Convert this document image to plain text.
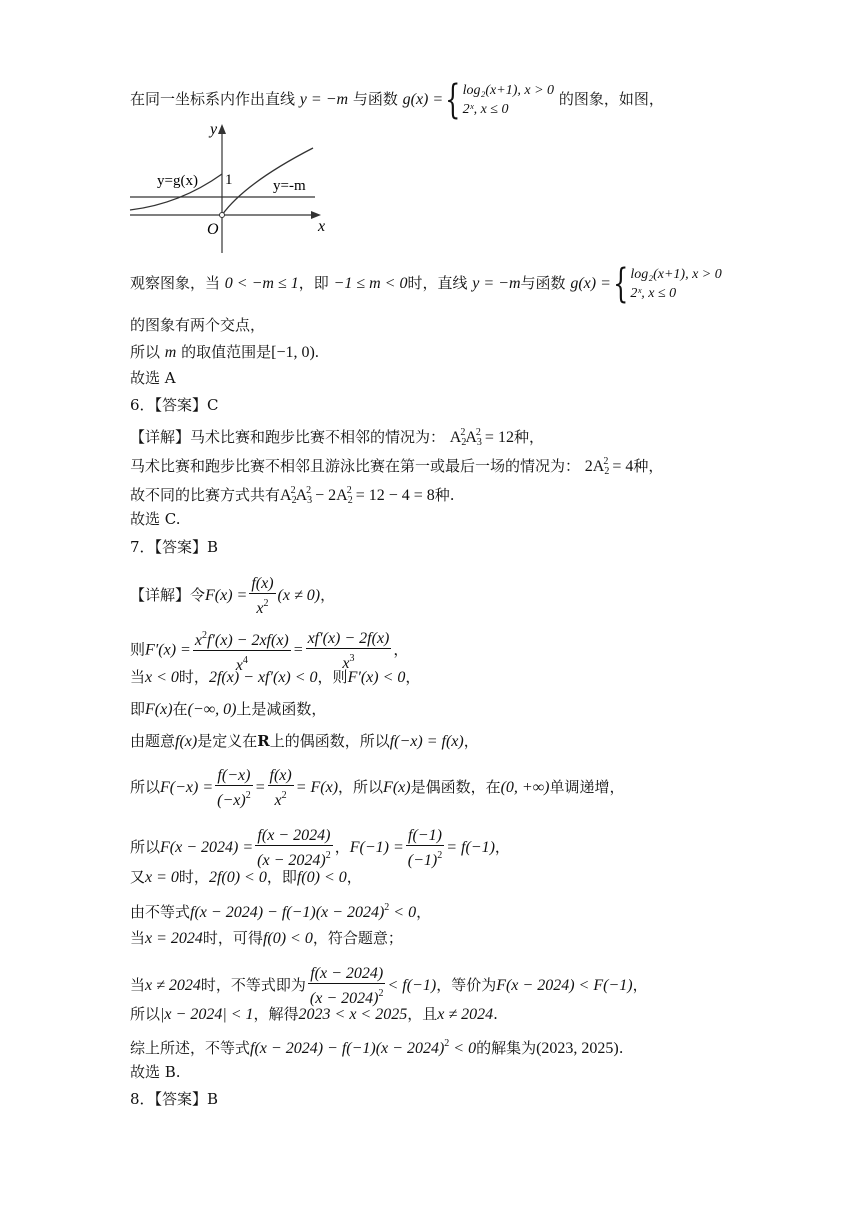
在同一坐标系内作出直线 y = −m 与函数 g(x) ={ log₂(x+1), x > 0
2ˣ, x ≤ 0
的图象，如图，
y
x
O
1
y=g(x)	y=-m
观察图象，当 0 < −m ≤ 1，即 −1 ≤ m < 0时，直线 y = −m与函数 g(x) ={ log₂(x+1), x > 0
2ˣ, x ≤ 0
的图象有两个交点，
所以 m 的取值范围是[−1, 0).
故选 A
6．【答案】C
【详解】马术比赛和跑步比赛不相邻的情况为： $A_2^2A_3^2 = 12$种，
马术比赛和跑步比赛不相邻且游泳比赛在第一或最后一场的情况为： $2A_2^2 = 4$种，
故不同的比赛方式共有$A_2^2A_3^2 - 2A_2^2 = 12 - 4 = 8$种.
故选 C.
7．【答案】B
【详解】令$F(x) = \frac{f(x)}{x^2} (x \ne 0)$，
则$F'(x) = \frac{x^2f'(x) - 2xf(x)}{x^4} = \frac{xf'(x) - 2f(x)}{x^3}$ ，
当x < 0时，2f(x) − xf′(x) < 0，则F′(x) < 0，
即F(x)在(−∞, 0)上是减函数，
由题意f(x)是定义在R上的偶函数，所以f(−x) = f(x)，
所以$F(-x) = \frac{f(-x)}{(-x)^2} = \frac{f(x)}{x^2} = F(x)$，所以F(x)是偶函数，在(0, +∞)单调递增，
所以$F(x - 2024) = \frac{f(x - 2024)}{(x - 2024)^2}$ ，$F(-1) = \frac{f(-1)}{(-1)^2} = f(-1)$，
又x = 0时，2f(0) < 0，即f(0) < 0，
由不等式$f(x - 2024) - f(-1)(x - 2024)^2 < 0$，
当x = 2024时，可得f(0) < 0，符合题意；
当x ≠ 2024时，不等式即为 $\frac{f(x - 2024)}{(x - 2024)^2} < f(-1)$，等价为F(x − 2024) < F(−1)，
所以|x − 2024| < 1，解得2023 < x < 2025，且x ≠ 2024.
综上所述，不等式$f(x - 2024) - f(-1)(x - 2024)^2 < 0$的解集为(2023, 2025).
故选 B.
8．【答案】B
